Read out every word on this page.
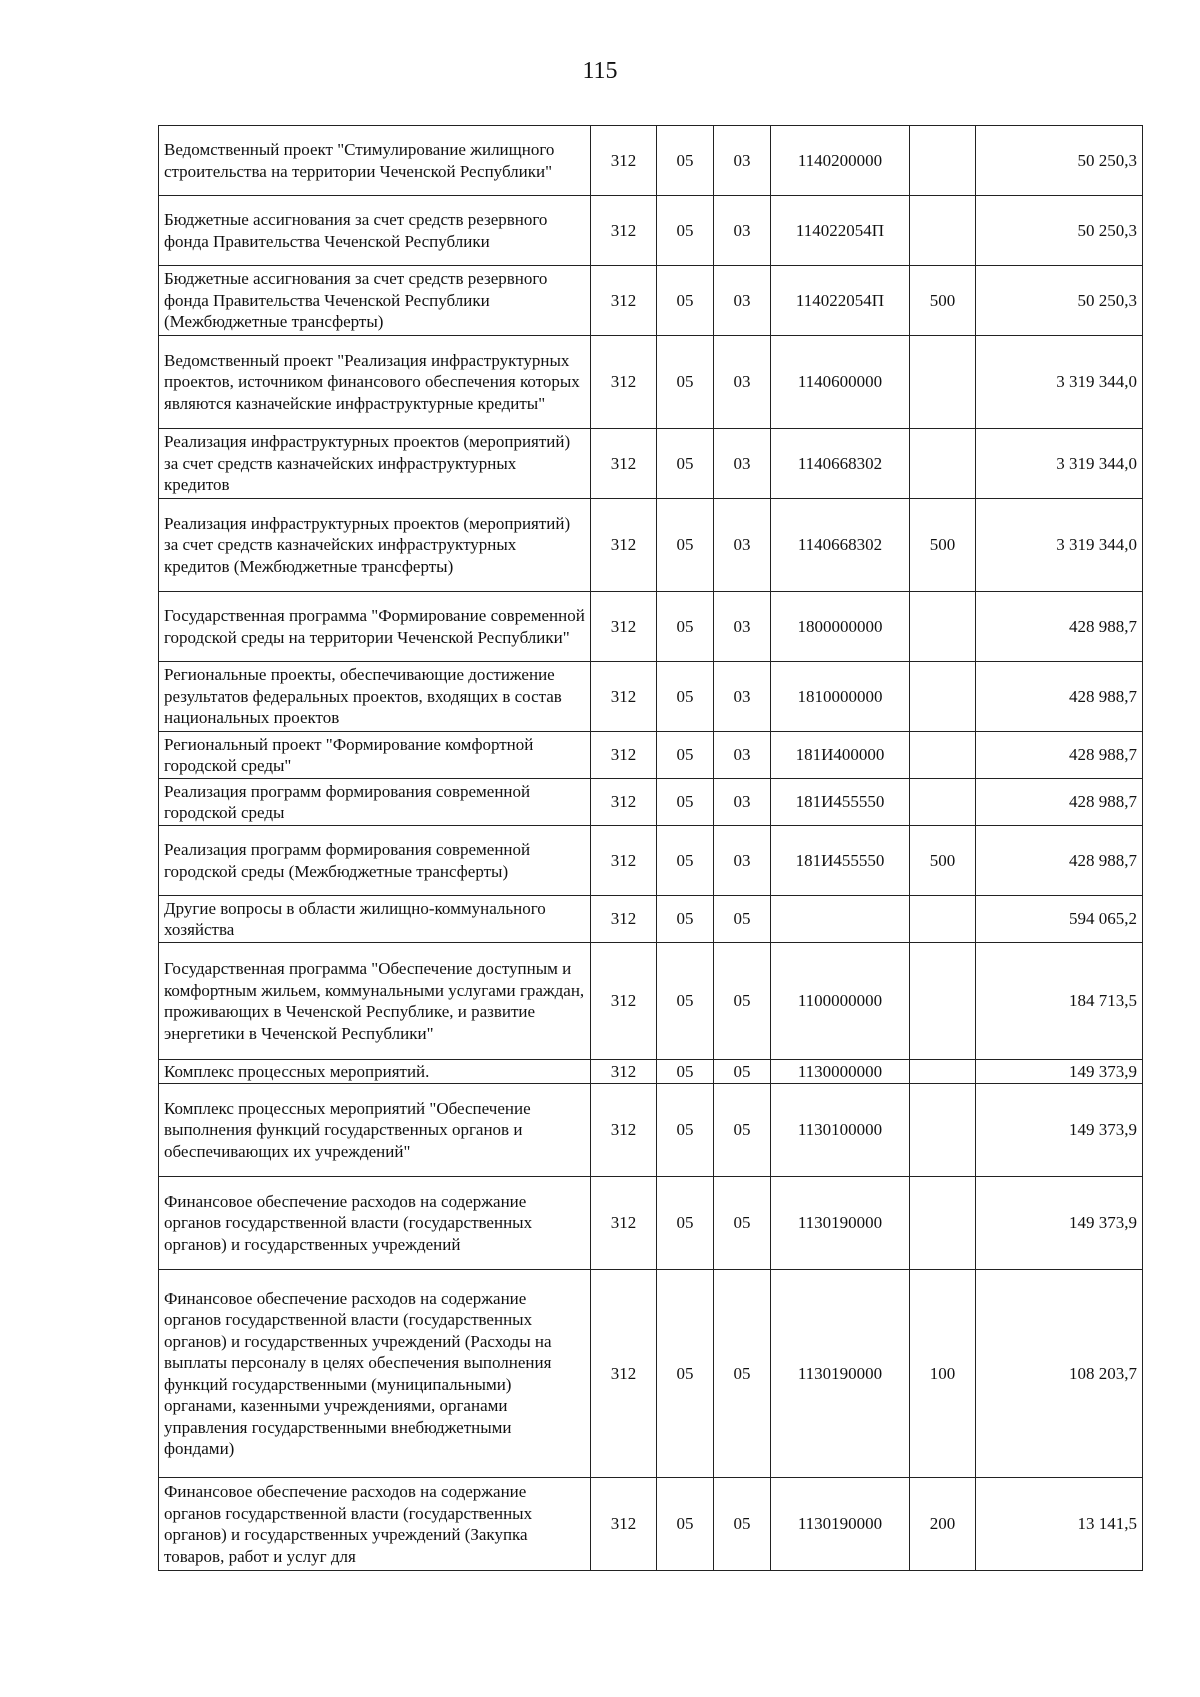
115
Ведомственный проект "Стимулирование жилищного строительства на территории Чеченской Республики"	312	05	03	1140200000		50 250,3
Бюджетные ассигнования за счет средств резервного фонда Правительства Чеченской Республики	312	05	03	114022054П		50 250,3
Бюджетные ассигнования за счет средств резервного фонда Правительства Чеченской Республики (Межбюджетные трансферты)	312	05	03	114022054П	500	50 250,3
Ведомственный проект "Реализация инфраструктурных проектов, источником финансового обеспечения которых являются казначейские инфраструктурные кредиты"	312	05	03	1140600000		3 319 344,0
Реализация инфраструктурных проектов (мероприятий) за счет средств казначейских инфраструктурных кредитов	312	05	03	1140668302		3 319 344,0
Реализация инфраструктурных проектов (мероприятий) за счет средств казначейских инфраструктурных кредитов (Межбюджетные трансферты)	312	05	03	1140668302	500	3 319 344,0
Государственная программа "Формирование современной городской среды на территории Чеченской Республики"	312	05	03	1800000000		428 988,7
Региональные проекты, обеспечивающие достижение результатов федеральных проектов, входящих в состав национальных проектов	312	05	03	1810000000		428 988,7
Региональный проект "Формирование комфортной городской среды"	312	05	03	181И400000		428 988,7
Реализация программ формирования современной городской среды	312	05	03	181И455550		428 988,7
Реализация программ формирования современной городской среды (Межбюджетные трансферты)	312	05	03	181И455550	500	428 988,7
Другие вопросы в области жилищно-коммунального хозяйства	312	05	05			594 065,2
Государственная программа "Обеспечение доступным и комфортным жильем, коммунальными услугами граждан, проживающих в Чеченской Республике, и развитие энергетики в Чеченской Республики"	312	05	05	1100000000		184 713,5
Комплекс процессных мероприятий.	312	05	05	1130000000		149 373,9
Комплекс процессных мероприятий "Обеспечение выполнения функций государственных органов и обеспечивающих их учреждений"	312	05	05	1130100000		149 373,9
Финансовое обеспечение расходов на содержание органов государственной власти (государственных органов) и государственных учреждений	312	05	05	1130190000		149 373,9
Финансовое обеспечение расходов на содержание органов государственной власти (государственных органов) и государственных учреждений (Расходы на выплаты персоналу в целях обеспечения выполнения функций государственными (муниципальными) органами, казенными учреждениями, органами управления государственными внебюджетными фондами)	312	05	05	1130190000	100	108 203,7
Финансовое обеспечение расходов на содержание органов государственной власти (государственных органов) и государственных учреждений (Закупка товаров, работ и услуг для	312	05	05	1130190000	200	13 141,5
